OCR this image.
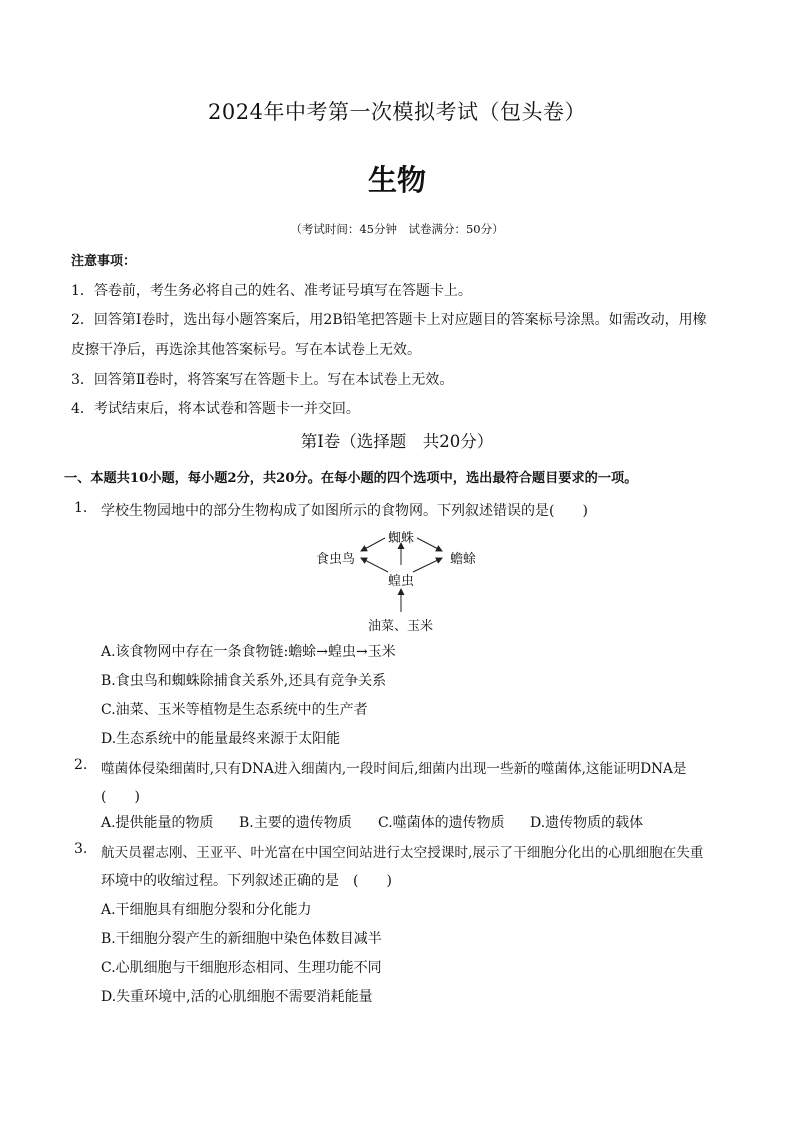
2024年中考第一次模拟考试（包头卷）
生物
（考试时间：45分钟　试卷满分：50分）
注意事项：
1．答卷前，考生务必将自己的姓名、准考证号填写在答题卡上。
2．回答第Ⅰ卷时，选出每小题答案后，用2B铅笔把答题卡上对应题目的答案标号涂黑。如需改动，用橡
皮擦干净后，再选涂其他答案标号。写在本试卷上无效。
3．回答第Ⅱ卷时，将答案写在答题卡上。写在本试卷上无效。
4．考试结束后，将本试卷和答题卡一并交回。
第Ⅰ卷（选择题　共20分）
一、本题共10小题，每小题2分，共20分。在每小题的四个选项中，选出最符合题目要求的一项。
1. 学校生物园地中的部分生物构成了如图所示的食物网。下列叙述错误的是(　　)
蜘蛛
食虫鸟	蟾蜍
蝗虫
油菜、玉米
A.该食物网中存在一条食物链:蟾蜍→蝗虫→玉米
B.食虫鸟和蜘蛛除捕食关系外,还具有竞争关系
C.油菜、玉米等植物是生态系统中的生产者
D.生态系统中的能量最终来源于太阳能
2. 噬菌体侵染细菌时,只有DNA进入细菌内,一段时间后,细菌内出现一些新的噬菌体,这能证明DNA是
(　　)
A.提供能量的物质 B.主要的遗传物质 C.噬菌体的遗传物质 D.遗传物质的载体
3. 航天员翟志刚、王亚平、叶光富在中国空间站进行太空授课时,展示了干细胞分化出的心肌细胞在失重
环境中的收缩过程。下列叙述正确的是　(　　)
A.干细胞具有细胞分裂和分化能力
B.干细胞分裂产生的新细胞中染色体数目减半
C.心肌细胞与干细胞形态相同、生理功能不同
D.失重环境中,活的心肌细胞不需要消耗能量
